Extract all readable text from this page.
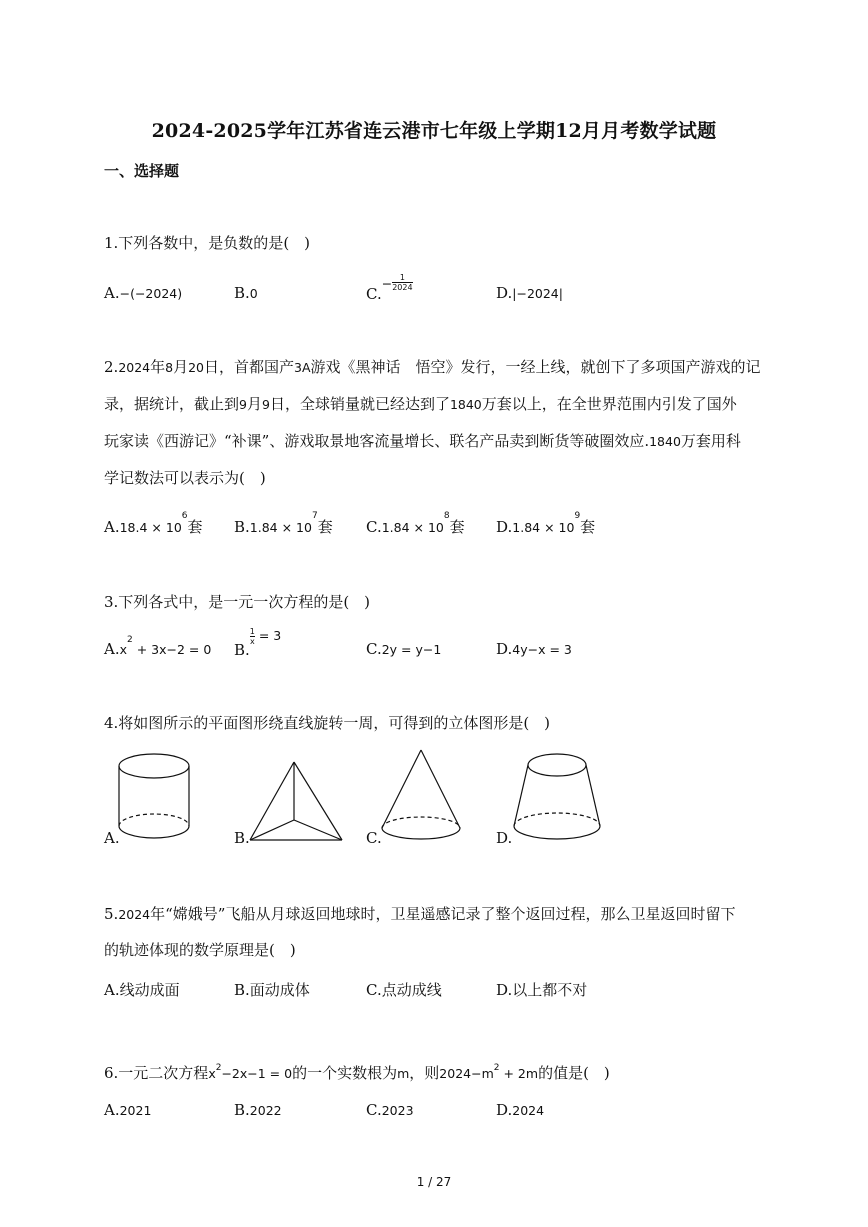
2024-2025学年江苏省连云港市七年级上学期12月月考数学试题
一、选择题
1.下列各数中，是负数的是(　)
A.−(−2024)	B.0	$C.- \frac{1}{2024}$
D.|−2024|
2.2024年8月20日，首都国产3A游戏《黑神话　悟空》发行，一经上线，就创下了多项国产游戏的记
录，据统计，截止到9月9日，全球销量就已经达到了1840万套以上，在全世界范围内引发了国外
玩家读《西游记》“补课”、游戏取景地客流量增长、联名产品卖到断货等破圈效应.1840万套用科
学记数法可以表示为(　)
$A.18.4 \times 10^6$套 $B.1.84 \times 10^7$套 $C.1.84 \times 10^8$套 $D.1.84 \times 10^9$套
3.下列各式中，是一元一次方程的是(　)
$A.x^2 + 3x-2 = 0$ B.
$\frac{1}{x} = 3$
C.2y = y−1	D.4y−x = 3
4.将如图所示的平面图形绕直线旋转一周，可得到的立体图形是(　)
A.	B.	C.	D.
5.2024年“嫦娥号”飞船从月球返回地球时，卫星遥感记录了整个返回过程，那么卫星返回时留下
的轨迹体现的数学原理是(　)
A.线动成面	B.面动成体	C.点动成线	D.以上都不对
6.一元二次方程$x^2-2x-1 = 0$的一个实数根为m，则$2024-m^2 + 2m$的值是(　)
A.2021	B.2022	C.2023	D.2024
1 / 27
